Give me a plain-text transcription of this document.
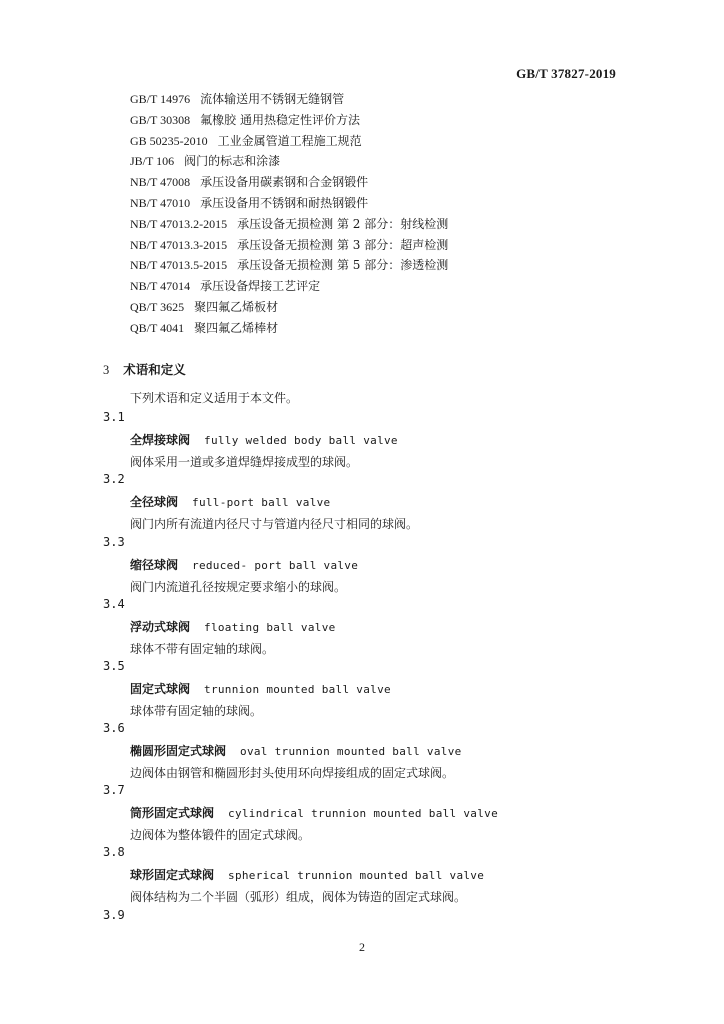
GB/T 37827-2019
GB/T 14976 流体输送用不锈钢无缝钢管
GB/T 30308 氟橡胶 通用热稳定性评价方法
GB 50235-2010 工业金属管道工程施工规范
JB/T 106 阀门的标志和涂漆
NB/T 47008 承压设备用碳素钢和合金钢锻件
NB/T 47010 承压设备用不锈钢和耐热钢锻件
NB/T 47013.2-2015 承压设备无损检测 第 2 部分：射线检测
NB/T 47013.3-2015 承压设备无损检测 第 3 部分：超声检测
NB/T 47013.5-2015 承压设备无损检测 第 5 部分：渗透检测
NB/T 47014 承压设备焊接工艺评定
QB/T 3625 聚四氟乙烯板材
QB/T 4041 聚四氟乙烯棒材
3 术语和定义
下列术语和定义适用于本文件。
3.1
全焊接球阀 fully welded body ball valve
阀体采用一道或多道焊缝焊接成型的球阀。
3.2
全径球阀 full-port ball valve
阀门内所有流道内径尺寸与管道内径尺寸相同的球阀。
3.3
缩径球阀 reduced- port ball valve
阀门内流道孔径按规定要求缩小的球阀。
3.4
浮动式球阀 floating ball valve
球体不带有固定轴的球阀。
3.5
固定式球阀 trunnion mounted ball valve
球体带有固定轴的球阀。
3.6
椭圆形固定式球阀 oval trunnion mounted ball valve
边阀体由钢管和椭圆形封头使用环向焊接组成的固定式球阀。
3.7
筒形固定式球阀 cylindrical trunnion mounted ball valve
边阀体为整体锻件的固定式球阀。
3.8
球形固定式球阀 spherical trunnion mounted ball valve
阀体结构为二个半圆（弧形）组成，阀体为铸造的固定式球阀。
3.9
2
